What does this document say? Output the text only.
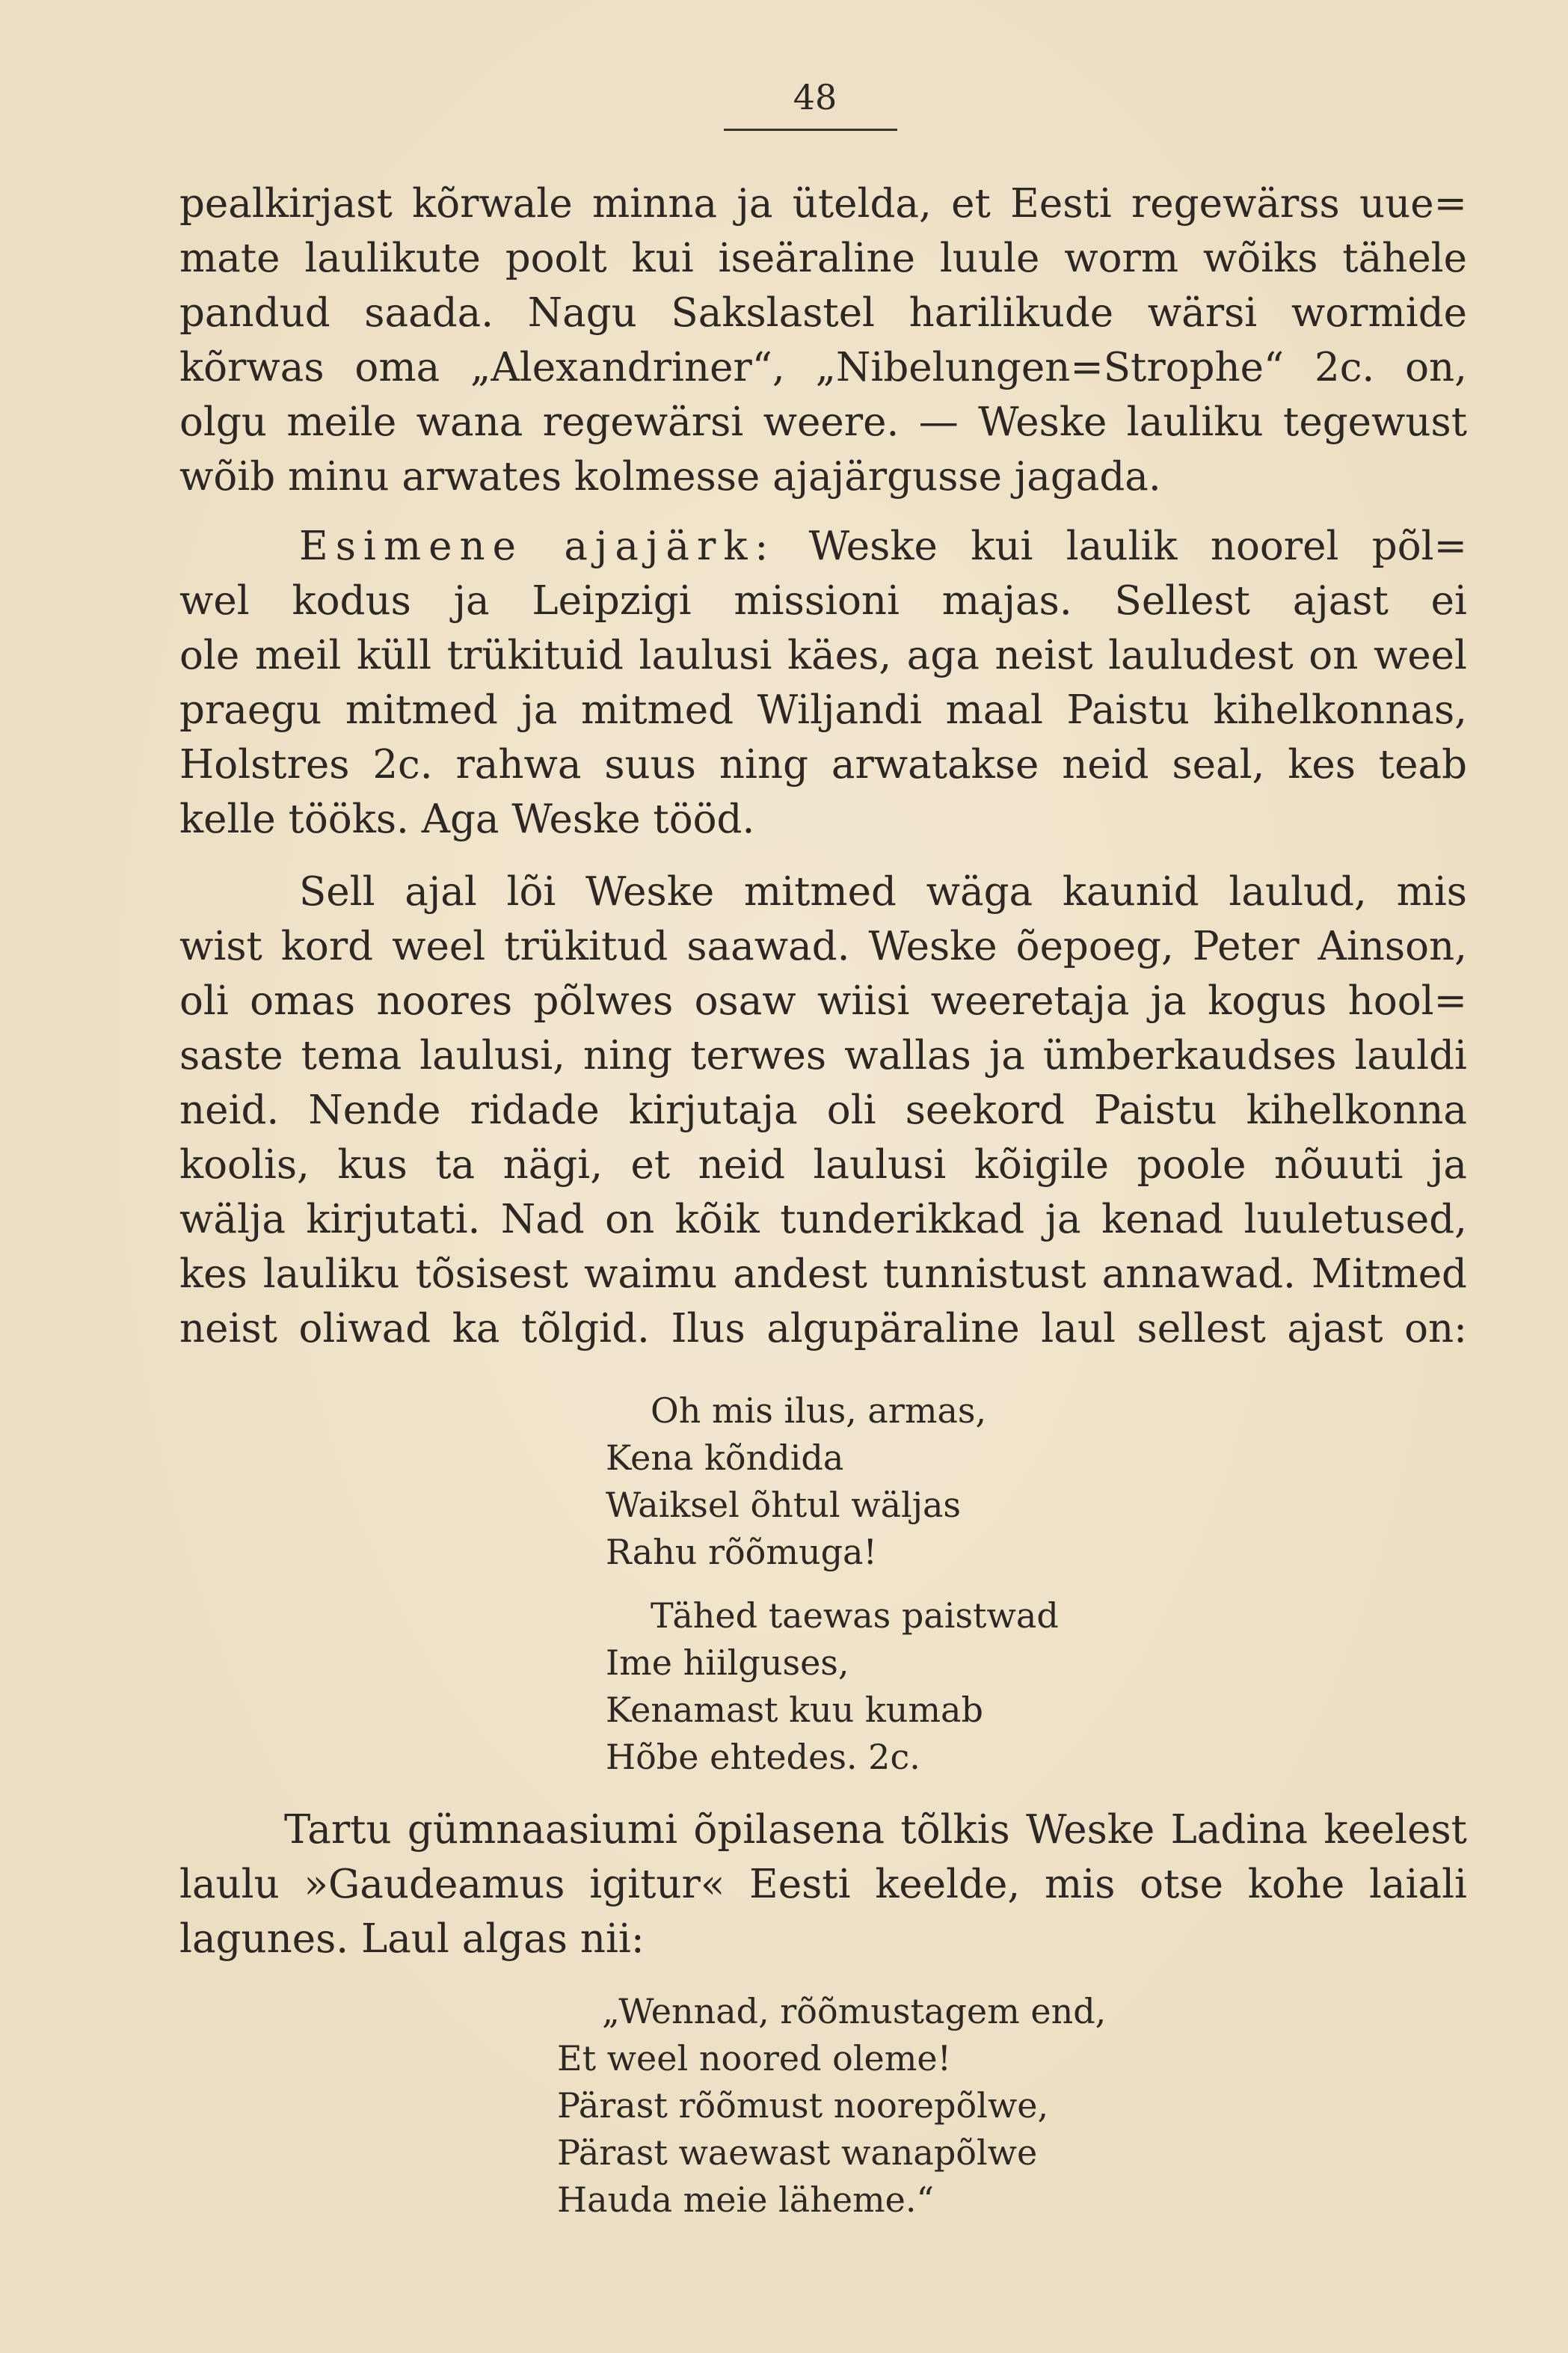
48
pealkirjast kõrwale minna ja ütelda, et Eesti regewärss uue=
mate laulikute poolt kui iseäraline luule worm wõiks tähele
pandud saada. Nagu Sakslastel harilikude wärsi wormide
kõrwas oma „Alexandriner“, „Nibelungen=Strophe“ 2c. on,
olgu meile wana regewärsi weere. — Weske lauliku tegewust
wõib minu arwates kolmesse ajajärgusse jagada.
Esimene ajajärk: Weske kui laulik noorel põl=
wel kodus ja Leipzigi missioni majas. Sellest ajast ei
ole meil küll trükituid laulusi käes, aga neist lauludest on weel
praegu mitmed ja mitmed Wiljandi maal Paistu kihelkonnas,
Holstres 2c. rahwa suus ning arwatakse neid seal, kes teab
kelle tööks. Aga Weske tööd.
Sell ajal lõi Weske mitmed wäga kaunid laulud, mis
wist kord weel trükitud saawad. Weske õepoeg, Peter Ainson,
oli omas noores põlwes osaw wiisi weeretaja ja kogus hool=
saste tema laulusi, ning terwes wallas ja ümberkaudses lauldi
neid. Nende ridade kirjutaja oli seekord Paistu kihelkonna
koolis, kus ta nägi, et neid laulusi kõigile poole nõuuti ja
wälja kirjutati. Nad on kõik tunderikkad ja kenad luuletused,
kes lauliku tõsisest waimu andest tunnistust annawad. Mitmed
neist oliwad ka tõlgid. Ilus algupäraline laul sellest ajast on:
Oh mis ilus, armas,
Kena kõndida
Waiksel õhtul wäljas
Rahu rõõmuga!
Tähed taewas paistwad
Ime hiilguses,
Kenamast kuu kumab
Hõbe ehtedes. 2c.
Tartu gümnaasiumi õpilasena tõlkis Weske Ladina keelest
laulu »Gaudeamus igitur« Eesti keelde, mis otse kohe laiali
lagunes. Laul algas nii:
„Wennad, rõõmustagem end,
Et weel noored oleme!
Pärast rõõmust noorepõlwe,
Pärast waewast wanapõlwe
Hauda meie läheme.“
